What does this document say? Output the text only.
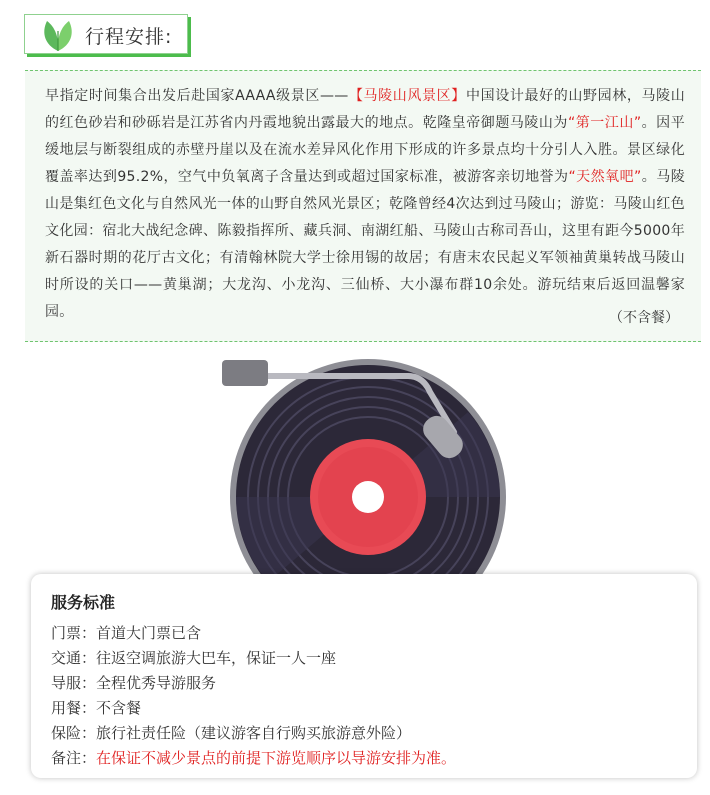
行程安排:

早指定时间集合出发后赴国家AAAA级景区——【马陵山风景区】中国设计最好的山野园林，马陵山的红色砂岩和砂砾岩是江苏省内丹霞地貌出露最大的地点。乾隆皇帝御题马陵山为“第一江山”。因平缓地层与断裂组成的赤壁丹崖以及在流水差异风化作用下形成的许多景点均十分引人入胜。景区绿化覆盖率达到95.2%，空气中负氧离子含量达到或超过国家标准，被游客亲切地誉为“天然氧吧”。马陵山是集红色文化与自然风光一体的山野自然风光景区；乾隆曾经4次达到过马陵山；游览：马陵山红色文化园：宿北大战纪念碑、陈毅指挥所、藏兵洞、南湖红船、马陵山古称司吾山，这里有距今5000年新石器时期的花厅古文化；有清翰林院大学士徐用锡的故居；有唐末农民起义军领袖黄巢转战马陵山时所设的关口——黄巢湖；大龙沟、小龙沟、三仙桥、大小瀑布群10余处。游玩结束后返回温馨家园。	（不含餐）
服务标准
门票：首道大门票已含
交通：往返空调旅游大巴车，保证一人一座
导服：全程优秀导游服务
用餐：不含餐
保险：旅行社责任险（建议游客自行购买旅游意外险）
备注：在保证不减少景点的前提下游览顺序以导游安排为准。
